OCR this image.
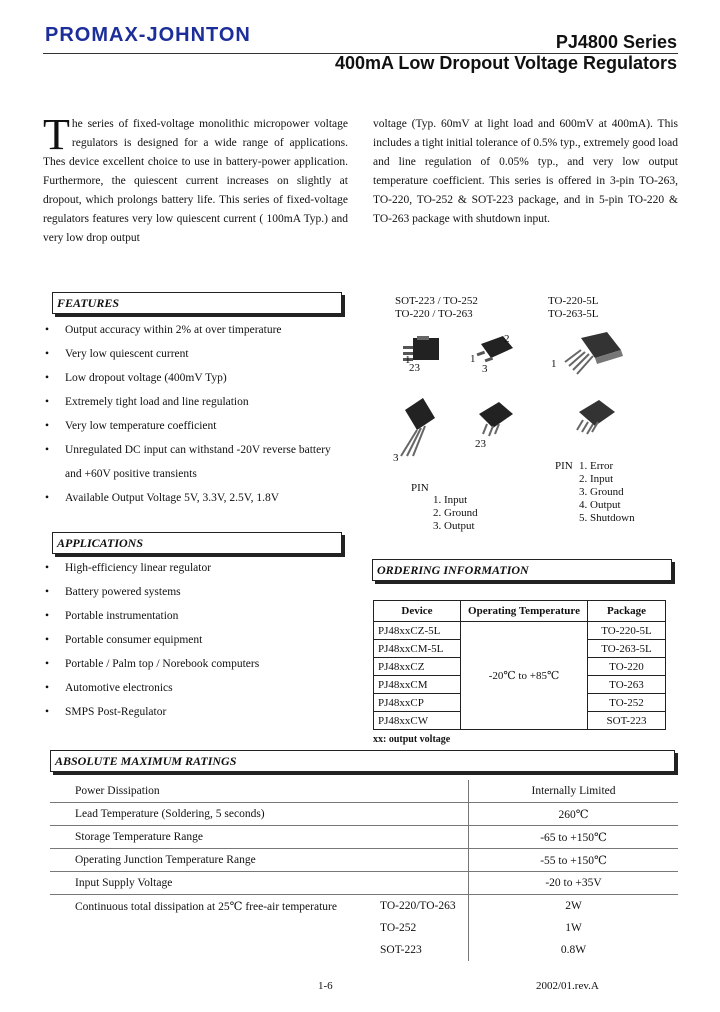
PROMAX-JOHNTON	PJ4800 Series
400mA Low Dropout Voltage Regulators
T he series of fixed-voltage monolithic micropower voltage regulators is designed for a wide range of applications. Thes device excellent choice to use in battery-power application. Furthermore, the quiescent current increases on slightly at dropout, which prolongs battery life. This series of fixed-voltage regulators features very low quiescent current ( 100mA Typ.) and very low drop output
voltage (Typ. 60mV at light load and 600mV at 400mA). This includes a tight initial tolerance of 0.5% typ., extremely good load and line regulation of 0.05% typ., and very low output temperature coefficient. This series is offered in 3-pin TO-263, TO-220, TO-252 & SOT-223 package, and in 5-pin TO-220 & TO-263 package with shutdown input.
FEATURES
• Output accuracy within 2% at over timperature
• Very low quiescent current
• Low dropout voltage (400mV Typ)
• Extremely tight load and line regulation
• Very low temperature coefficient
• Unregulated DC input can withstand -20V reverse battery
and +60V positive transients
• Available Output Voltage 5V, 3.3V, 2.5V, 1.8V
APPLICATIONS
• High-efficiency linear regulator
• Battery powered systems
• Portable instrumentation
• Portable consumer equipment
• Portable / Palm top / Norebook computers
• Automotive electronics
• SMPS Post-Regulator
SOT-223 / TO-252
TO-220 / TO-263
TO-220-5L
TO-263-5L
1
23
2
1
3	1
3
23
PIN
1. Input
2. Ground
3. Output
PIN 1. Error
2. Input
3. Ground
4. Output
5. Shutdown
ORDERING INFORMATION
Device	Operating Temperature	Package
PJ48xxCZ-5L	-20℃ to +85℃	TO-220-5L
PJ48xxCM-5L		TO-263-5L
PJ48xxCZ		TO-220
PJ48xxCM		TO-263
PJ48xxCP		TO-252
PJ48xxCW		SOT-223
xx: output voltage
ABSOLUTE MAXIMUM RATINGS
Power Dissipation		Internally Limited
Lead Temperature (Soldering, 5 seconds)		260℃
Storage Temperature Range		-65 to +150℃
Operating Junction Temperature Range		-55 to +150℃
Input Supply Voltage		-20 to +35V
Continuous total dissipation at 25℃ free-air temperature	TO-220/TO-263	2W
	TO-252	1W
	SOT-223	0.8W
1-6	2002/01.rev.A
